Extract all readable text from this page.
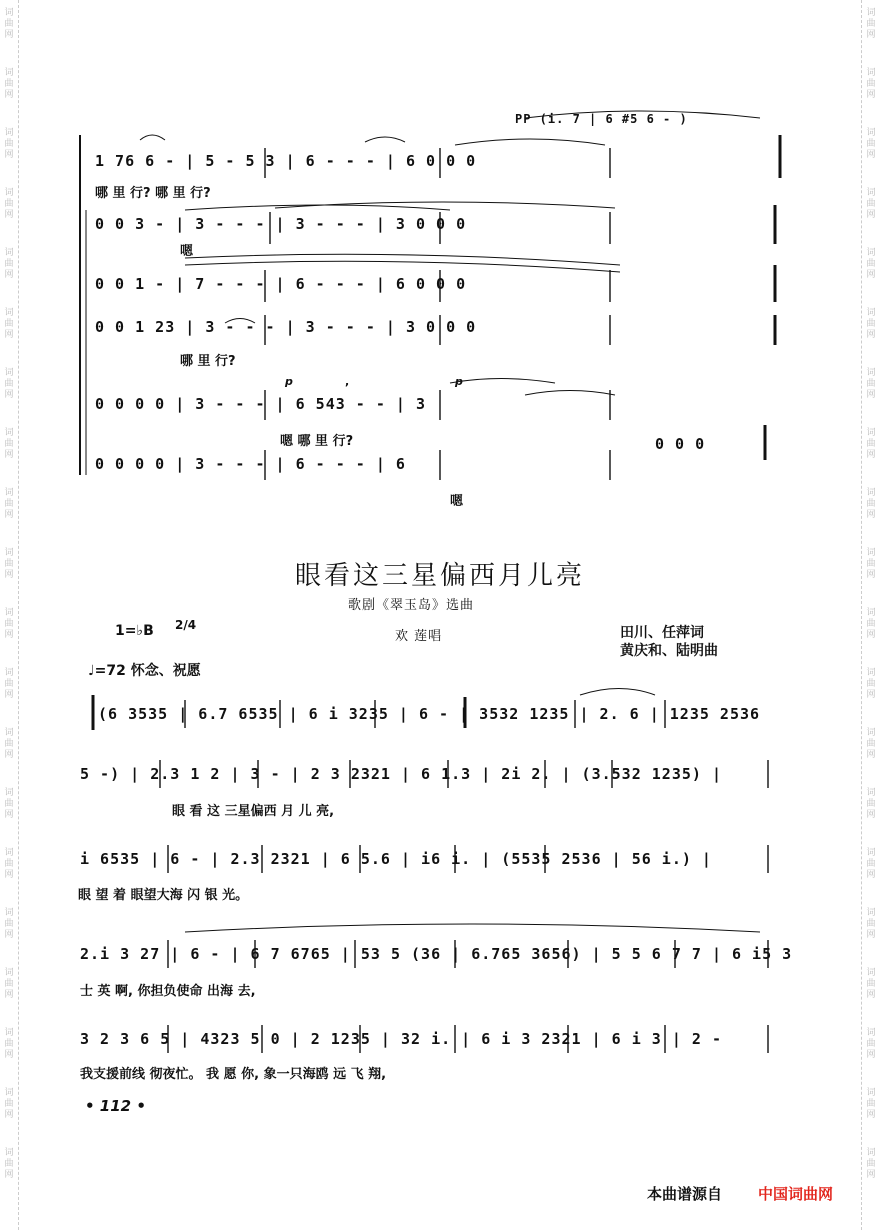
词
曲
网
词
曲
网
词
曲
网
词
曲
网
词
曲
网
词
曲
网
词
曲
网
词
曲
网
词
曲
网
词
曲
网
词
曲
网
词
曲
网
词
曲
网
词
曲
网
词
曲
网
词
曲
网
词
曲
网
词
曲
网
词
曲
网
词
曲
网
词
曲
网
词
曲
网
词
曲
网
词
曲
网
词
曲
网
词
曲
网
词
曲
网
词
曲
网
词
曲
网
词
曲
网
词
曲
网
词
曲
网
词
曲
网
词
曲
网
词
曲
网
词
曲
网
词
曲
网
词
曲
网
词
曲
网
词
曲
网
PP (i. 7 | 6 #5 6 - )
1 76 6 - | 5 - 5 3 | 6 - - - | 6 0 0 0
哪 里 行? 哪 里 行?
0 0 3 - | 3 - - - | 3 - - - | 3 0 0 0
嗯
0 0 1 - | 7 - - - | 6 - - - | 6 0 0 0
0 0 1 23 | 3 - - - | 3 - - - | 3 0 0 0
哪 里 行?
p	,	p
0 0 0 0 | 3 - - - | 6 543 - - | 3
嗯 哪 里 行?	0 0 0
0 0 0 0 | 3 - - - | 6 - - - | 6
嗯
眼看这三星偏西月儿亮
歌剧《翠玉岛》选曲
1=♭B 2/4
欢 莲唱	田川、任萍词
黄庆和、陆明曲
♩=72 怀念、祝愿
(6 3535 | 6.7 6535 | 6 i 3235 | 6 - | 3532 1235 | 2. 6 | 1235 2536
5 -) | 2.3 1 2 | 3 - | 2 3 2321 | 6 1.3 | 2i 2. | (3.532 1235) |
眼 看 这 三星偏西 月 儿 亮,
i 6535 | 6 - | 2.3 2321 | 6 5.6 | i6 i. | (5535 2536 | 56 i.) |
眼 望 着 眼望大海 闪 银 光。
2.i 3 27 | 6 - | 6 7 6765 | 53 5 (36 | 6.765 3656) | 5 5 6 7 7 | 6 i5 3
士 英 啊, 你担负使命 出海 去,
3 2 3 6 5 | 4323 5 0 | 2 1235 | 32 i. | 6 i 3 2321 | 6 i 3 | 2 -
我支援前线 彻夜忙。 我 愿 你, 象一只海鸥 远 飞 翔,
• 112 •
本曲谱源自 中国词曲网
